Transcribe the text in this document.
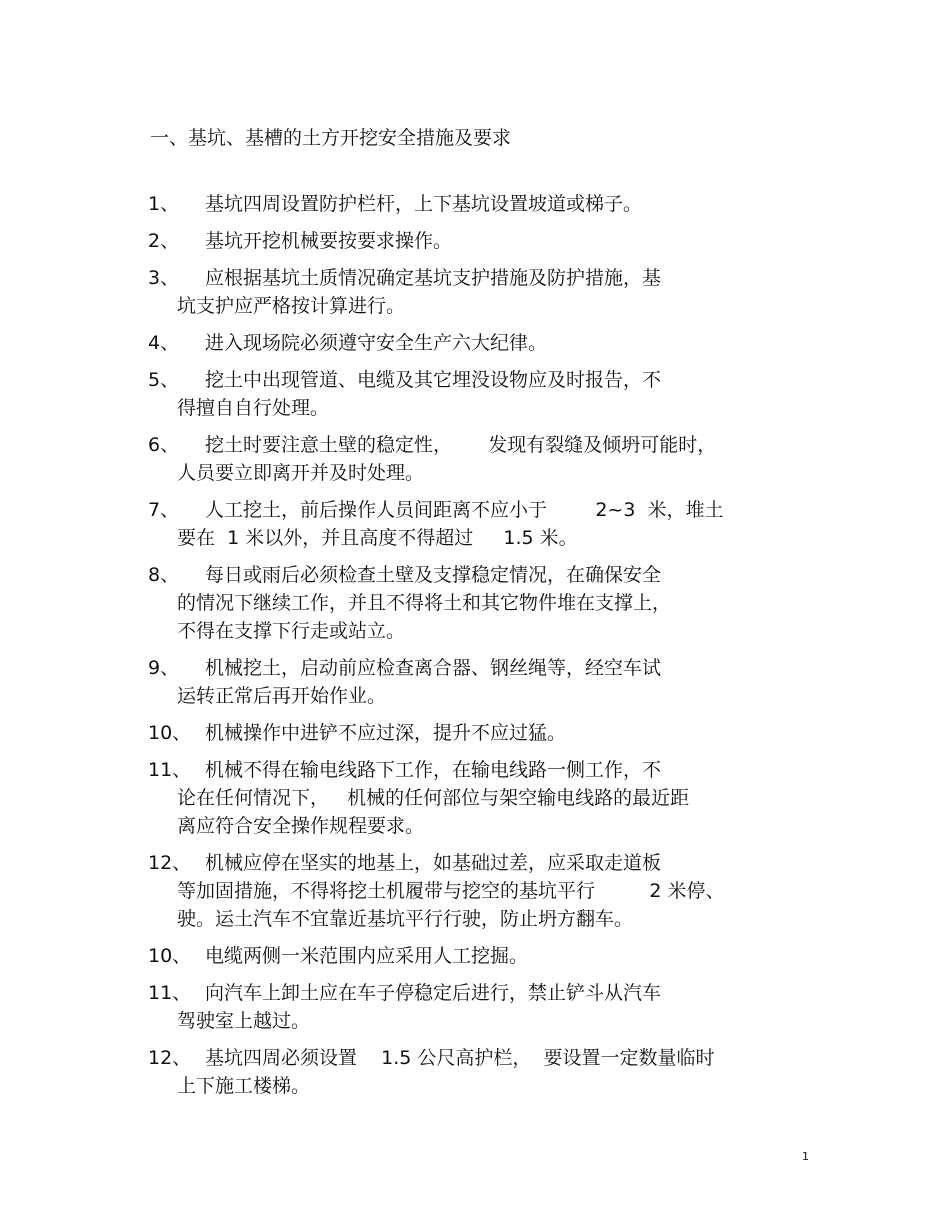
一、基坑、基槽的土方开挖安全措施及要求
1、	基坑四周设置防护栏杆，上下基坑设置坡道或梯子。
2、	基坑开挖机械要按要求操作。
3、	应根据基坑土质情况确定基坑支护措施及防护措施，基
坑支护应严格按计算进行。
4、	进入现场院必须遵守安全生产六大纪律。
5、	挖土中出现管道、电缆及其它埋没设物应及时报告，不
得擅自自行处理。
6、	挖土时要注意土壁的稳定性，      发现有裂缝及倾坍可能时，
人员要立即离开并及时处理。
7、	人工挖土，前后操作人员间距离不应小于        2~3  米，堆土
要在  1 米以外，并且高度不得超过     1.5 米。
8、	每日或雨后必须检查土壁及支撑稳定情况，在确保安全
的情况下继续工作，并且不得将土和其它物件堆在支撑上，
不得在支撑下行走或站立。
9、	机械挖土，启动前应检查离合器、钢丝绳等，经空车试
运转正常后再开始作业。
10、 机械操作中进铲不应过深，提升不应过猛。
11、 机械不得在输电线路下工作，在输电线路一侧工作，不
论在任何情况下，   机械的任何部位与架空输电线路的最近距
离应符合安全操作规程要求。
12、 机械应停在坚实的地基上，如基础过差，应采取走道板
等加固措施，不得将挖土机履带与挖空的基坑平行         2 米停、
驶。运土汽车不宜靠近基坑平行行驶，防止坍方翻车。
10、 电缆两侧一米范围内应采用人工挖掘。
11、 向汽车上卸土应在车子停稳定后进行，禁止铲斗从汽车
驾驶室上越过。
12、 基坑四周必须设置    1.5 公尺高护栏，  要设置一定数量临时
上下施工楼梯。
1
